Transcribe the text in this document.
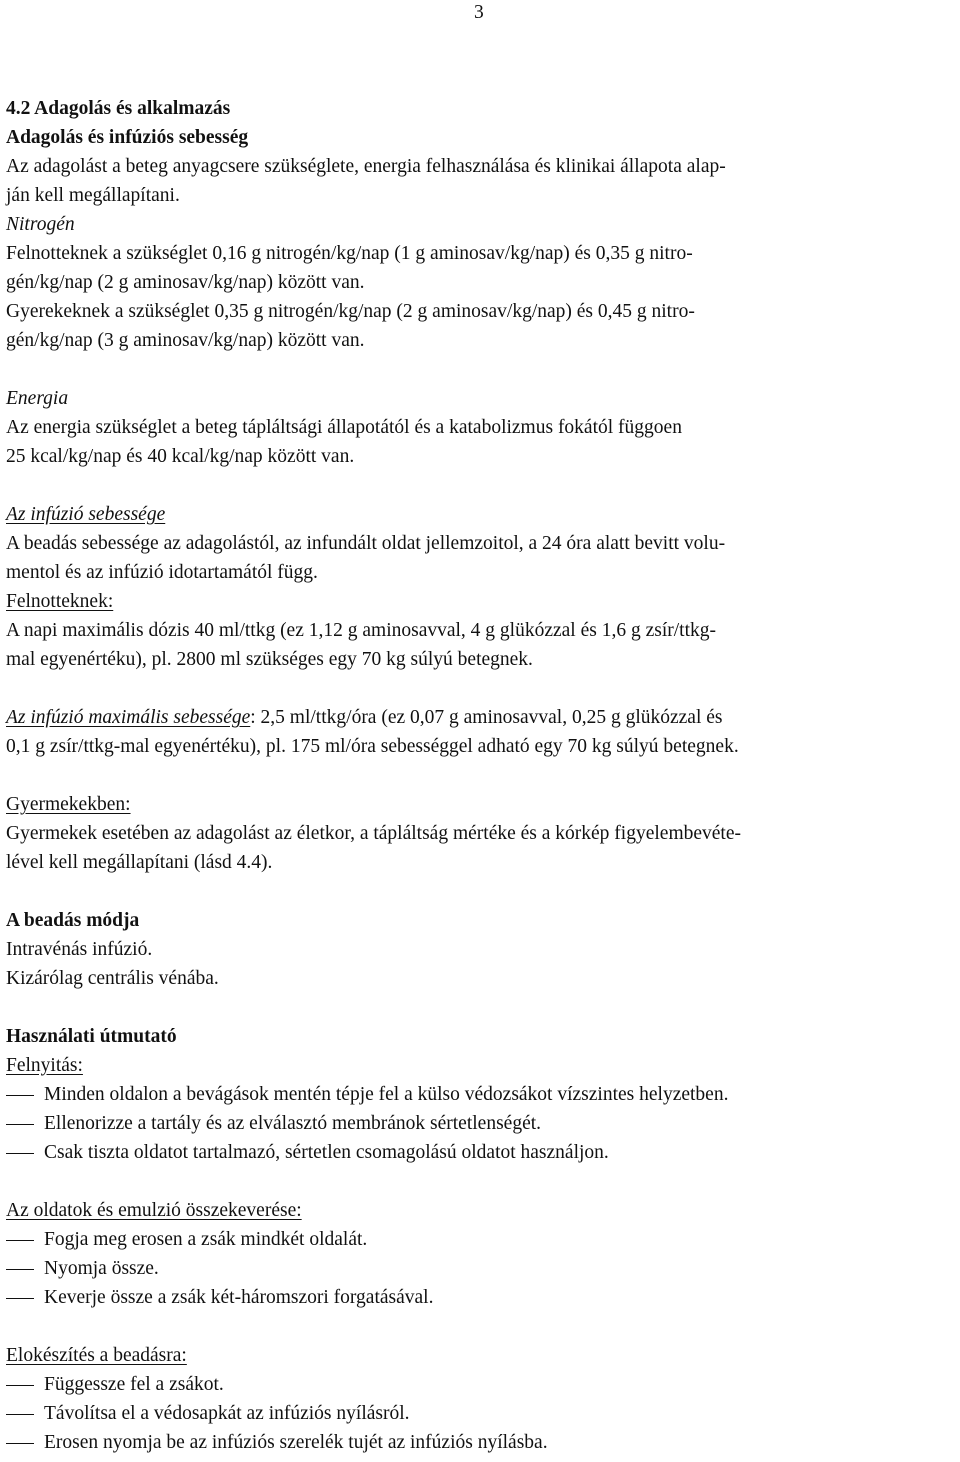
3
4.2 Adagolás és alkalmazás
Adagolás és infúziós sebesség
Az adagolást a beteg anyagcsere szükséglete, energia felhasználása és klinikai állapota alap-
ján kell megállapítani.
Nitrogén
Felnotteknek a szükséglet 0,16 g nitrogén/kg/nap (1 g aminosav/kg/nap) és 0,35 g nitro-
gén/kg/nap (2 g aminosav/kg/nap) között van.
Gyerekeknek a szükséglet 0,35 g nitrogén/kg/nap (2 g aminosav/kg/nap) és 0,45 g nitro-
gén/kg/nap (3 g aminosav/kg/nap) között van.
Energia
Az energia szükséglet a beteg tápláltsági állapotától és a katabolizmus fokától függoen
25 kcal/kg/nap és 40 kcal/kg/nap között van.
Az infúzió sebessége
A beadás sebessége az adagolástól, az infundált oldat jellemzoitol, a 24 óra alatt bevitt volu-
mentol és az infúzió idotartamától függ.
Felnotteknek:
A napi maximális dózis 40 ml/ttkg (ez 1,12 g aminosavval, 4 g glükózzal és 1,6 g zsír/ttkg-
mal egyenértéku), pl. 2800 ml szükséges egy 70 kg súlyú betegnek.
Az infúzió maximális sebessége: 2,5 ml/ttkg/óra (ez 0,07 g aminosavval, 0,25 g glükózzal és
0,1 g zsír/ttkg-mal egyenértéku), pl. 175 ml/óra sebességgel adható egy 70 kg súlyú betegnek.
Gyermekekben:
Gyermekek esetében az adagolást az életkor, a tápláltság mértéke és a kórkép figyelembevéte-
lével kell megállapítani (lásd 4.4).
A beadás módja
Intravénás infúzió.
Kizárólag centrális vénába.
Használati útmutató
Felnyitás:
Minden oldalon a bevágások mentén tépje fel a külso védozsákot vízszintes helyzetben.
Ellenorizze a tartály és az elválasztó membránok sértetlenségét.
Csak tiszta oldatot tartalmazó, sértetlen csomagolású oldatot használjon.
Az oldatok és emulzió összekeverése:
Fogja meg erosen a zsák mindkét oldalát.
Nyomja össze.
Keverje össze a zsák két-háromszori forgatásával.
Elokészítés a beadásra:
Függessze fel a zsákot.
Távolítsa el a védosapkát az infúziós nyílásról.
Erosen nyomja be az infúziós szerelék tujét az infúziós nyílásba.
